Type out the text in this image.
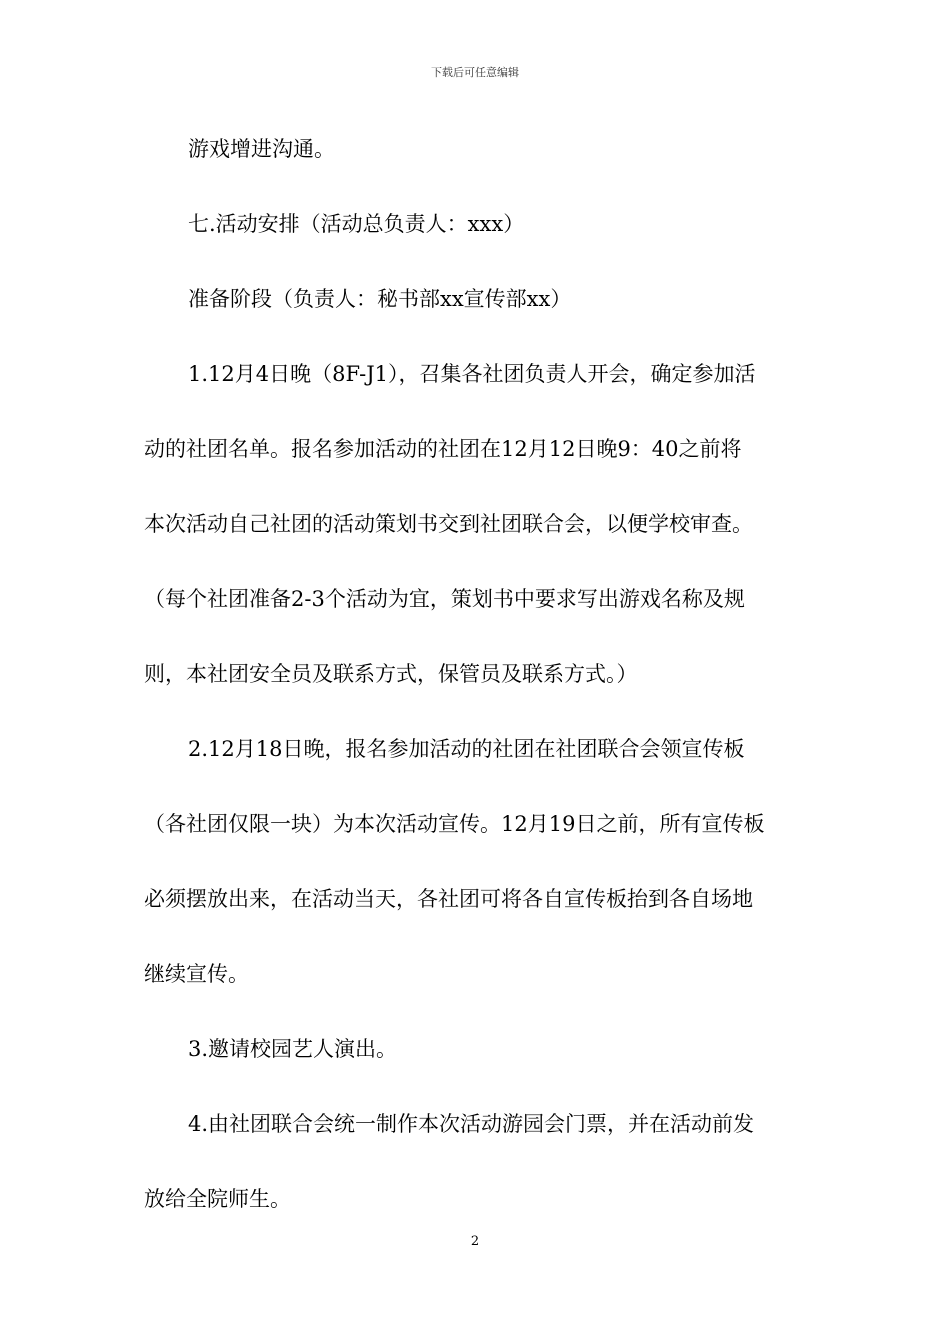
下载后可任意编辑
游戏增进沟通。
七.活动安排（活动总负责人：xxx）
准备阶段（负责人：秘书部xx宣传部xx）
1.12月4日晚（8F-J1），召集各社团负责人开会，确定参加活
动的社团名单。报名参加活动的社团在12月12日晚9：40之前将
本次活动自己社团的活动策划书交到社团联合会，以便学校审查。
（每个社团准备2-3个活动为宜，策划书中要求写出游戏名称及规
则，本社团安全员及联系方式，保管员及联系方式。）
2.12月18日晚，报名参加活动的社团在社团联合会领宣传板
（各社团仅限一块）为本次活动宣传。12月19日之前，所有宣传板
必须摆放出来，在活动当天，各社团可将各自宣传板抬到各自场地
继续宣传。
3.邀请校园艺人演出。
4.由社团联合会统一制作本次活动游园会门票，并在活动前发
放给全院师生。
2
